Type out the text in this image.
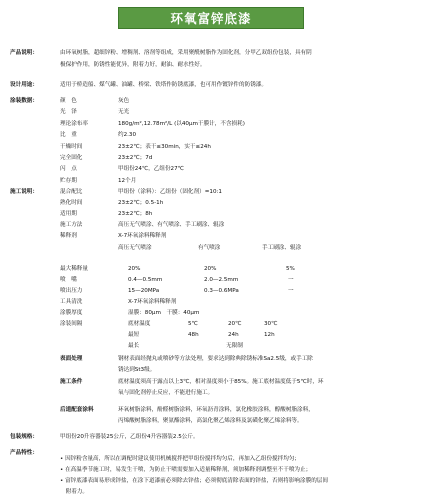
环氧富锌底漆
产品说明：	由环氧树脂，超细锌粉、增稠剂、溶剂等组成，采用聚酰树脂作为固化剂，分甲乙双组份包装，具有阴
极保护作用，防锈性能优异，附着力好，耐油、耐水性好。
设计用途：	适用于桥造船、煤气罐、油罐、桥梁、铁塔作防锈底漆，也可用作镀锌件的防锈漆。
涂装数据：	颜　色	灰色
光　泽	无光
理论涂布率	180g/m²,12.78m²/L (以40μm干膜计，不含损耗)
比　重	约2.30
干燥时间	23±2℃；表干≤30min，实干≤24h
完全固化	23±2℃；7d
闪　点	甲组份24℃，乙组份27℃
贮存期	12个月
施工说明：	混合配比	甲组份（涂料）：乙组份（固化剂）=10:1
熟化时间	23±2℃；0.5-1h
适用期	23±2℃；8h
施工方法	高压无气喷涂、有气喷涂、手工刷涂、辊涂
稀释剂	X-7环氧涂料稀释剂
高压无气喷涂	有气喷涂	手工刷涂、辊涂
最大稀释量	20%	20%	5%
喷　嘴	0.4—0.5mm	2.0—2.5mm	一
喷出压力	15—20MPa	0.3—0.6MPa	一
工具清洗	X-7环氧涂料稀释剂
涂膜厚度	湿膜：80μm　干膜：40μm
涂装间隔	底材温度	5℃	20℃	30℃
最短	48h	24h	12h
最长	无限制
表面处理	钢材表面经抛丸或喷砂等方法处理，要求达到除典除锈标准Sa2.5级，或手工除
锈达到St3级。
施工条件	底材温度须高于露点以上3℃，相对湿度须小于85%。施工底材温度低于5℃时，环
氧与固化剂停止反应，不能进行施工。
后道配套涂料	环氧树脂涂料，酚醛树脂涂料，环氧沥青涂料，氯化橡胶涂料，醇酸树脂涂料，
丙烯酸树脂涂料，聚氨酯涂料，高氯化聚乙烯涂料及氯磺化聚乙烯涂料等。
包装规格：	甲组份20升容器装25公斤，乙组份4升容器装2.5公斤。
产品特性：
• 因锌粉含量高，所以在调配时建议使用机械搅拌把甲组份搅拌均匀后，再加入乙组份搅拌均匀；
• 在高温季节施工时，易发生干喷，为防止干喷需要加入适量稀释剂，须加稀释剂调整至不干喷为止；
• 富锌底漆表面易形成锌盐，在涂下道漆前必须除去锌盐；必须彻底清除表面的锌盐，否则将影响涂膜的层间
　附着力。
